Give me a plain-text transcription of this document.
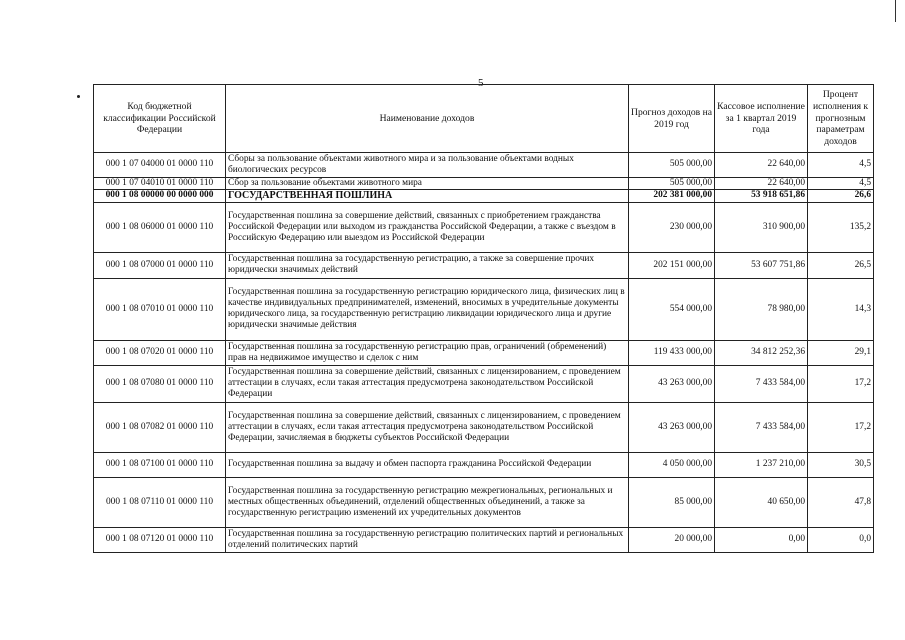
5
Код бюджетной классификации Российской Федерации	Наименование доходов	Прогноз доходов на 2019 год	Кассовое исполнение за 1 квартал 2019 года	Процент исполнения к прогнозным параметрам доходов
000 1 07 04000 01 0000 110	Сборы за пользование объектами животного мира и за пользование объектами водных биологических ресурсов	505 000,00	22 640,00	4,5
000 1 07 04010 01 0000 110	Сбор за пользование объектами животного мира	505 000,00	22 640,00	4,5
000 1 08 00000 00 0000 000	ГОСУДАРСТВЕННАЯ ПОШЛИНА	202 381 000,00	53 918 651,86	26,6
000 1 08 06000 01 0000 110	Государственная пошлина за совершение действий, связанных с приобретением гражданства Российской Федерации или выходом из гражданства Российской Федерации, а также с въездом в Российскую Федерацию или выездом из Российской Федерации	230 000,00	310 900,00	135,2
000 1 08 07000 01 0000 110	Государственная пошлина за государственную регистрацию, а также за совершение прочих юридически значимых действий	202 151 000,00	53 607 751,86	26,5
000 1 08 07010 01 0000 110	Государственная пошлина за государственную регистрацию юридического лица, физических лиц в качестве индивидуальных предпринимателей, изменений, вносимых в учредительные документы юридического лица, за государственную регистрацию ликвидации юридического лица и другие юридически значимые действия	554 000,00	78 980,00	14,3
000 1 08 07020 01 0000 110	Государственная пошлина за государственную регистрацию прав, ограничений (обременений) прав на недвижимое имущество и сделок с ним	119 433 000,00	34 812 252,36	29,1
000 1 08 07080 01 0000 110	Государственная пошлина за совершение действий, связанных с лицензированием, с проведением аттестации в случаях, если такая аттестация предусмотрена законодательством Российской Федерации	43 263 000,00	7 433 584,00	17,2
000 1 08 07082 01 0000 110	Государственная пошлина за совершение действий, связанных с лицензированием, с проведением аттестации в случаях, если такая аттестация предусмотрена законодательством Российской Федерации, зачисляемая в бюджеты субъектов Российской Федерации	43 263 000,00	7 433 584,00	17,2
000 1 08 07100 01 0000 110	Государственная пошлина за выдачу и обмен паспорта гражданина Российской Федерации	4 050 000,00	1 237 210,00	30,5
000 1 08 07110 01 0000 110	Государственная пошлина за государственную регистрацию межрегиональных, региональных и местных общественных объединений, отделений общественных объединений, а также за государственную регистрацию изменений их учредительных документов	85 000,00	40 650,00	47,8
000 1 08 07120 01 0000 110	Государственная пошлина за государственную регистрацию политических партий и региональных отделений политических партий	20 000,00	0,00	0,0
